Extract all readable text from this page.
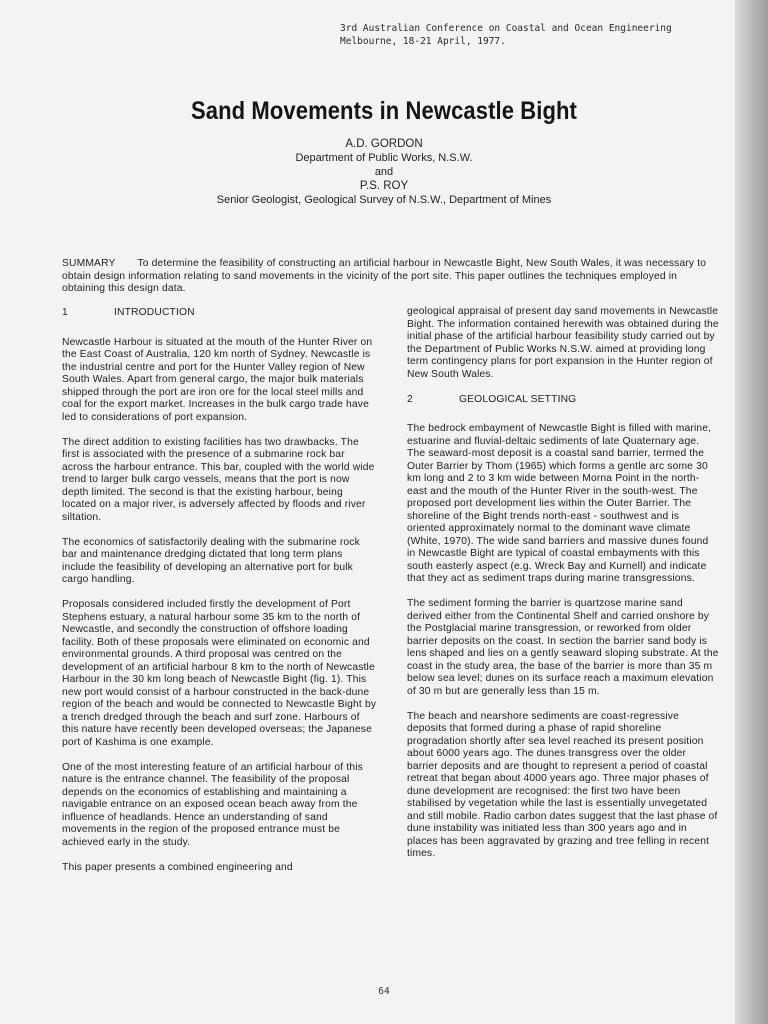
3rd Australian Conference on Coastal and Ocean Engineering
Melbourne, 18-21 April, 1977.
Sand Movements in Newcastle Bight
A.D. GORDON
Department of Public Works, N.S.W.
and
P.S. ROY
Senior Geologist, Geological Survey of N.S.W., Department of Mines
SUMMARY To determine the feasibility of constructing an artificial harbour in Newcastle Bight, New South Wales, it was necessary to obtain design information relating to sand movements in the vicinity of the port site. This paper outlines the techniques employed in obtaining this design data.
1	INTRODUCTION

Newcastle Harbour is situated at the mouth of the Hunter River on the East Coast of Australia, 120 km north of Sydney. Newcastle is the industrial centre and port for the Hunter Valley region of New South Wales. Apart from general cargo, the major bulk materials shipped through the port are iron ore for the local steel mills and coal for the export market. Increases in the bulk cargo trade have led to considerations of port expansion.

The direct addition to existing facilities has two drawbacks. The first is associated with the presence of a submarine rock bar across the harbour entrance. This bar, coupled with the world wide trend to larger bulk cargo vessels, means that the port is now depth limited. The second is that the existing harbour, being located on a major river, is adversely affected by floods and river siltation.

The economics of satisfactorily dealing with the submarine rock bar and maintenance dredging dictated that long term plans include the feasibility of developing an alternative port for bulk cargo handling.

Proposals considered included firstly the development of Port Stephens estuary, a natural harbour some 35 km to the north of Newcastle, and secondly the construction of offshore loading facility. Both of these proposals were eliminated on economic and environmental grounds. A third proposal was centred on the development of an artificial harbour 8 km to the north of Newcastle Harbour in the 30 km long beach of Newcastle Bight (fig. 1). This new port would consist of a harbour constructed in the back-dune region of the beach and would be connected to Newcastle Bight by a trench dredged through the beach and surf zone. Harbours of this nature have recently been developed overseas; the Japanese port of Kashima is one example.

One of the most interesting feature of an artificial harbour of this nature is the entrance channel. The feasibility of the proposal depends on the economics of establishing and maintaining a navigable entrance on an exposed ocean beach away from the influence of headlands. Hence an understanding of sand movements in the region of the proposed entrance must be achieved early in the study.

This paper presents a combined engineering and

geological appraisal of present day sand movements in Newcastle Bight. The information contained herewith was obtained during the initial phase of the artificial harbour feasibility study carried out by the Department of Public Works N.S.W. aimed at providing long term contingency plans for port expansion in the Hunter region of New South Wales.

2	GEOLOGICAL SETTING

The bedrock embayment of Newcastle Bight is filled with marine, estuarine and fluvial-deltaic sediments of late Quaternary age. The seaward-most deposit is a coastal sand barrier, termed the Outer Barrier by Thom (1965) which forms a gentle arc some 30 km long and 2 to 3 km wide between Morna Point in the north-east and the mouth of the Hunter River in the south-west. The proposed port development lies within the Outer Barrier. The shoreline of the Bight trends north-east - southwest and is oriented approximately normal to the dominant wave climate (White, 1970). The wide sand barriers and massive dunes found in Newcastle Bight are typical of coastal embayments with this south easterly aspect (e.g. Wreck Bay and Kurnell) and indicate that they act as sediment traps during marine transgressions.

The sediment forming the barrier is quartzose marine sand derived either from the Continental Shelf and carried onshore by the Postglacial marine transgression, or reworked from older barrier deposits on the coast. In section the barrier sand body is lens shaped and lies on a gently seaward sloping substrate. At the coast in the study area, the base of the barrier is more than 35 m below sea level; dunes on its surface reach a maximum elevation of 30 m but are generally less than 15 m.

The beach and nearshore sediments are coast-regressive deposits that formed during a phase of rapid shoreline progradation shortly after sea level reached its present position about 6000 years ago. The dunes transgress over the older barrier deposits and are thought to represent a period of coastal retreat that began about 4000 years ago. Three major phases of dune development are recognised: the first two have been stabilised by vegetation while the last is essentially unvegetated and still mobile. Radio carbon dates suggest that the last phase of dune instability was initiated less than 300 years ago and in places has been aggravated by grazing and tree felling in recent times.

64
